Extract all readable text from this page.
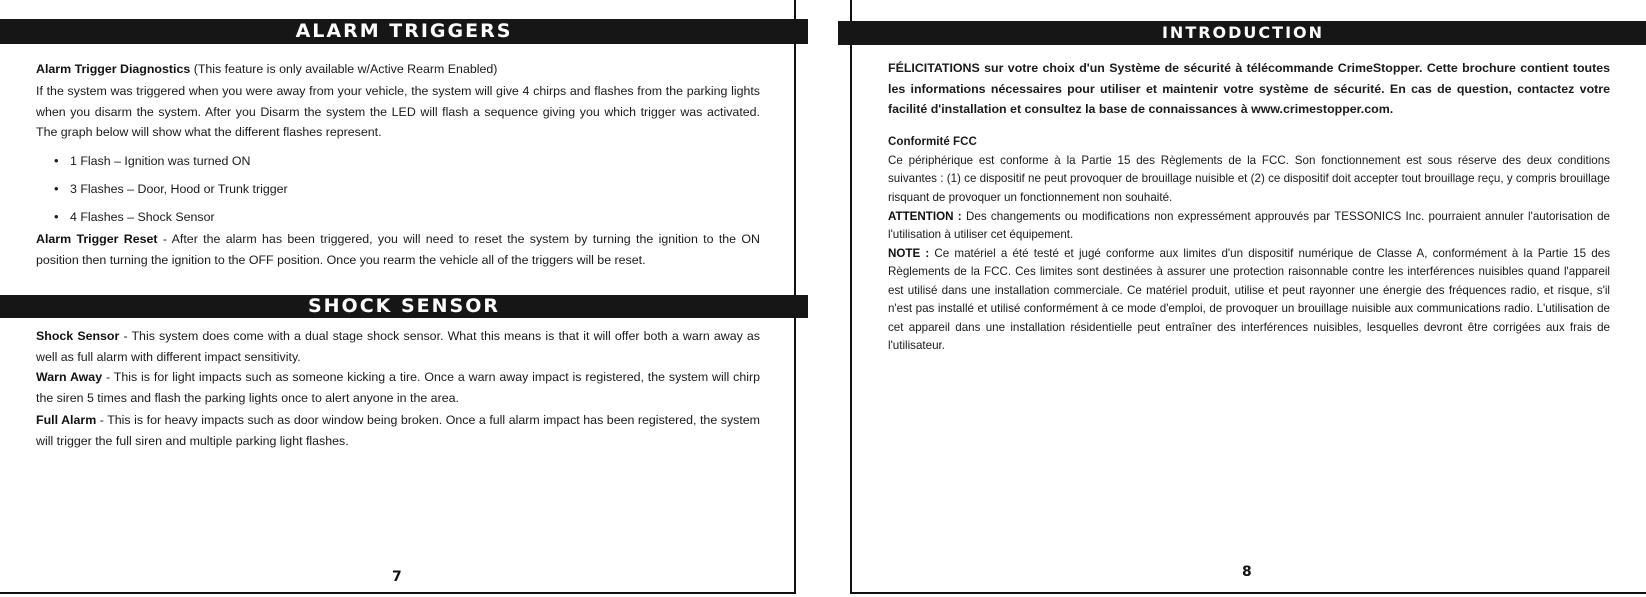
ALARM TRIGGERS
Alarm Trigger Diagnostics (This feature is only available w/Active Rearm Enabled)
If the system was triggered when you were away from your vehicle, the system will give 4 chirps and flashes from the parking lights when you disarm the system. After you Disarm the system the LED will flash a sequence giving you which trigger was activated. The graph below will show what the different flashes represent.
• 1 Flash – Ignition was turned ON
• 3 Flashes – Door, Hood or Trunk trigger
• 4 Flashes – Shock Sensor
Alarm Trigger Reset - After the alarm has been triggered, you will need to reset the system by turning the ignition to the ON position then turning the ignition to the OFF position. Once you rearm the vehicle all of the triggers will be reset.
SHOCK SENSOR
Shock Sensor - This system does come with a dual stage shock sensor. What this means is that it will offer both a warn away as well as full alarm with different impact sensitivity.
Warn Away - This is for light impacts such as someone kicking a tire. Once a warn away impact is registered, the system will chirp the siren 5 times and flash the parking lights once to alert anyone in the area.
Full Alarm - This is for heavy impacts such as door window being broken. Once a full alarm impact has been registered, the system will trigger the full siren and multiple parking light flashes.
7
INTRODUCTION
FÉLICITATIONS sur votre choix d'un Système de sécurité à télécommande CrimeStopper. Cette brochure contient toutes les informations nécessaires pour utiliser et maintenir votre système de sécurité. En cas de question, contactez votre facilité d'installation et consultez la base de connaissances à www.crimestopper.com.
Conformité FCC
Ce périphérique est conforme à la Partie 15 des Règlements de la FCC. Son fonctionnement est sous réserve des deux conditions suivantes : (1) ce dispositif ne peut provoquer de brouillage nuisible et (2) ce dispositif doit accepter tout brouillage reçu, y compris brouillage risquant de provoquer un fonctionnement non souhaité.
ATTENTION : Des changements ou modifications non expressément approuvés par TESSONICS Inc. pourraient annuler l'autorisation de l'utilisation à utiliser cet équipement.
NOTE : Ce matériel a été testé et jugé conforme aux limites d'un dispositif numérique de Classe A, conformément à la Partie 15 des Règlements de la FCC. Ces limites sont destinées à assurer une protection raisonnable contre les interférences nuisibles quand l'appareil est utilisé dans une installation commerciale. Ce matériel produit, utilise et peut rayonner une énergie des fréquences radio, et risque, s'il n'est pas installé et utilisé conformément à ce mode d'emploi, de provoquer un brouillage nuisible aux communications radio. L'utilisation de cet appareil dans une installation résidentielle peut entraîner des interférences nuisibles, lesquelles devront être corrigées aux frais de l'utilisateur.
8
